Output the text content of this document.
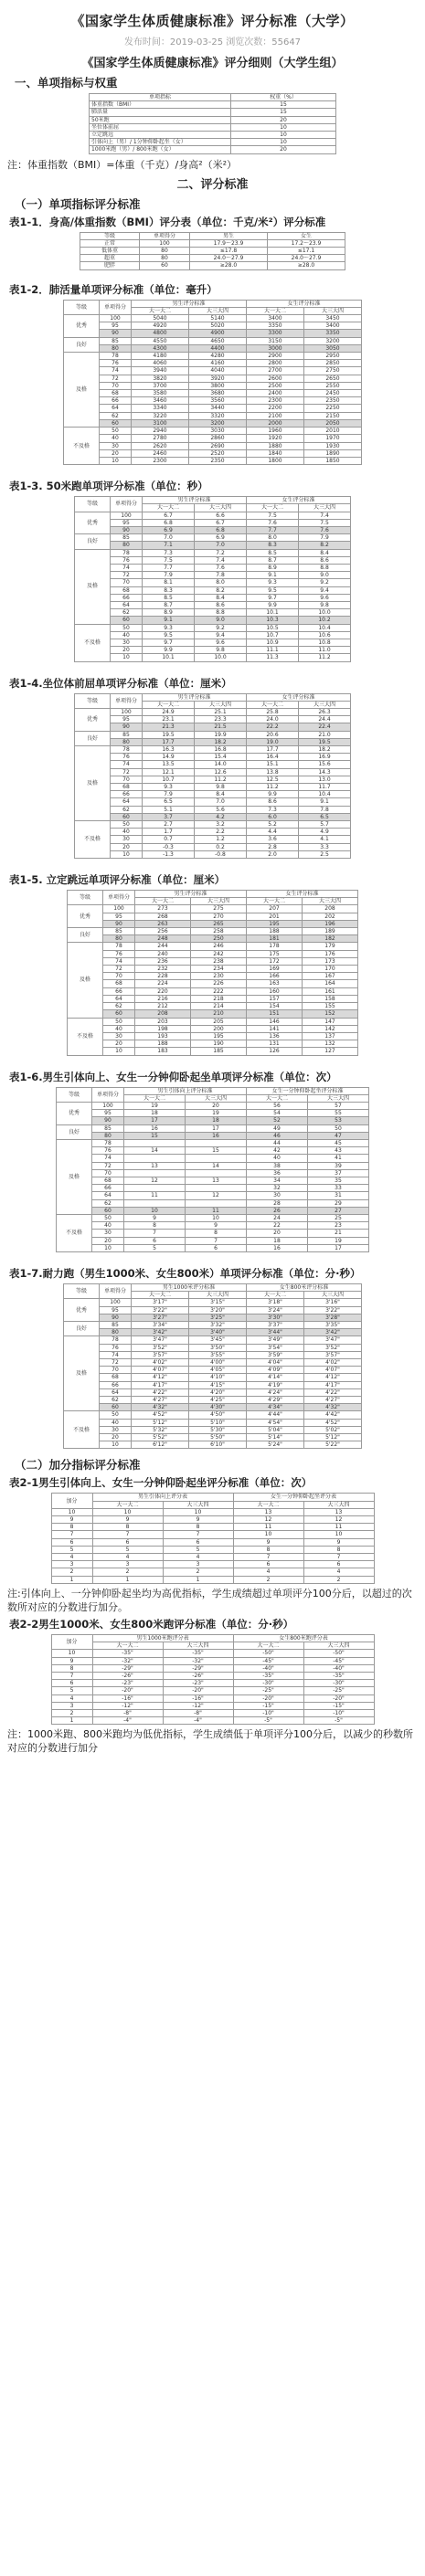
《国家学生体质健康标准》评分标准（大学）
发布时间：2019-03-25 浏览次数：55647
《国家学生体质健康标准》评分细则（大学生组）
一、单项指标与权重
单项指标	权重（%）
体重指数（BMI）	15
肺活量	15
50米跑	20
坐位体前屈	10
立定跳远	10
引体向上（男）/ 1分钟仰卧起坐（女）	10
1000米跑（男）/ 800米跑（女）	20
注：体重指数（BMI）=体重（千克）/身高²（米²）
二、评分标准
（一）单项指标评分标准
表1-1．身高/体重指数（BMI）评分表（单位：千克/米²）评分标准
等级	单项得分	男生	女生
正常	100	17.9～23.9	17.2～23.9
低体重	80	≤17.8	≤17.1
超重	80	24.0～27.9	24.0～27.9
肥胖	60	≥28.0	≥28.0
表1-2．肺活量单项评分标准（单位：毫升）
等级	单项得分	男生评分标准		女生评分标准	
		大一大二	大三大四	大一大二	大三大四
优秀	100	5040	5140	3400	3450
	95	4920	5020	3350	3400
	90	4800	4900	3300	3350
良好	85	4550	4650	3150	3200
	80	4300	4400	3000	3050
及格	78	4180	4280	2900	2950
	76	4060	4160	2800	2850
	74	3940	4040	2700	2750
	72	3820	3920	2600	2650
	70	3700	3800	2500	2550
	68	3580	3680	2400	2450
	66	3460	3560	2300	2350
	64	3340	3440	2200	2250
	62	3220	3320	2100	2150
	60	3100	3200	2000	2050
不及格	50	2940	3030	1960	2010
	40	2780	2860	1920	1970
	30	2620	2690	1880	1930
	20	2460	2520	1840	1890
	10	2300	2350	1800	1850
表1-3. 50米跑单项评分标准（单位：秒）
等级	单项得分	男生评分标准		女生评分标准	
		大一大二	大三大四	大一大二	大三大四
优秀	100	6.7	6.6	7.5	7.4
	95	6.8	6.7	7.6	7.5
	90	6.9	6.8	7.7	7.6
良好	85	7.0	6.9	8.0	7.9
	80	7.1	7.0	8.3	8.2
及格	78	7.3	7.2	8.5	8.4
	76	7.5	7.4	8.7	8.6
	74	7.7	7.6	8.9	8.8
	72	7.9	7.8	9.1	9.0
	70	8.1	8.0	9.3	9.2
	68	8.3	8.2	9.5	9.4
	66	8.5	8.4	9.7	9.6
	64	8.7	8.6	9.9	9.8
	62	8.9	8.8	10.1	10.0
	60	9.1	9.0	10.3	10.2
不及格	50	9.3	9.2	10.5	10.4
	40	9.5	9.4	10.7	10.6
	30	9.7	9.6	10.9	10.8
	20	9.9	9.8	11.1	11.0
	10	10.1	10.0	11.3	11.2
表1-4.坐位体前屈单项评分标准（单位：厘米）
等级	单项得分	男生评分标准		女生评分标准	
		大一大二	大三大四	大一大二	大三大四
优秀	100	24.9	25.1	25.8	26.3
	95	23.1	23.3	24.0	24.4
	90	21.3	21.5	22.2	22.4
良好	85	19.5	19.9	20.6	21.0
	80	17.7	18.2	19.0	19.5
及格	78	16.3	16.8	17.7	18.2
	76	14.9	15.4	16.4	16.9
	74	13.5	14.0	15.1	15.6
	72	12.1	12.6	13.8	14.3
	70	10.7	11.2	12.5	13.0
	68	9.3	9.8	11.2	11.7
	66	7.9	8.4	9.9	10.4
	64	6.5	7.0	8.6	9.1
	62	5.1	5.6	7.3	7.8
	60	3.7	4.2	6.0	6.5
不及格	50	2.7	3.2	5.2	5.7
	40	1.7	2.2	4.4	4.9
	30	0.7	1.2	3.6	4.1
	20	-0.3	0.2	2.8	3.3
	10	-1.3	-0.8	2.0	2.5
表1-5. 立定跳远单项评分标准（单位：厘米）
等级	单项得分	男生评分标准		女生评分标准	
		大一大二	大三大四	大一大二	大三大四
优秀	100	273	275	207	208
	95	268	270	201	202
	90	263	265	195	196
良好	85	256	258	188	189
	80	248	250	181	182
及格	78	244	246	178	179
	76	240	242	175	176
	74	236	238	172	173
	72	232	234	169	170
	70	228	230	166	167
	68	224	226	163	164
	66	220	222	160	161
	64	216	218	157	158
	62	212	214	154	155
	60	208	210	151	152
不及格	50	203	205	146	147
	40	198	200	141	142
	30	193	195	136	137
	20	188	190	131	132
	10	183	185	126	127
表1-6.男生引体向上、女生一分钟仰卧起坐单项评分标准（单位：次）
等级	单项得分	男生引体向上评分标准		女生一分钟仰卧起坐评分标准	
		大一大二	大三大四	大一大二	大三大四
优秀	100	19	20	56	57
	95	18	19	54	55
	90	17	18	52	53
良好	85	16	17	49	50
	80	15	16	46	47
及格	78			44	45
	76	14	15	42	43
	74			40	41
	72	13	14	38	39
	70			36	37
	68	12	13	34	35
	66			32	33
	64	11	12	30	31
	62			28	29
	60	10	11	26	27
不及格	50	9	10	24	25
	40	8	9	22	23
	30	7	8	20	21
	20	6	7	18	19
	10	5	6	16	17
表1-7.耐力跑（男生1000米、女生800米）单项评分标准（单位：分·秒）
等级	单项得分	男生1000米评分标准		女生800米评分标准	
		大一大二	大三大四	大一大二	大三大四
优秀	100	3'17"	3'15"	3'18"	3'16"
	95	3'22"	3'20"	3'24"	3'22"
	90	3'27"	3'25"	3'30"	3'28"
良好	85	3'34"	3'32"	3'37"	3'35"
	80	3'42"	3'40"	3'44"	3'42"
及格	78	3'47"	3'45"	3'49"	3'47"
	76	3'52"	3'50"	3'54"	3'52"
	74	3'57"	3'55"	3'59"	3'57"
	72	4'02"	4'00"	4'04"	4'02"
	70	4'07"	4'05"	4'09"	4'07"
	68	4'12"	4'10"	4'14"	4'12"
	66	4'17"	4'15"	4'19"	4'17"
	64	4'22"	4'20"	4'24"	4'22"
	62	4'27"	4'25"	4'29"	4'27"
	60	4'32"	4'30"	4'34"	4'32"
不及格	50	4'52"	4'50"	4'44"	4'42"
	40	5'12"	5'10"	4'54"	4'52"
	30	5'32"	5'30"	5'04"	5'02"
	20	5'52"	5'50"	5'14"	5'12"
	10	6'12"	6'10"	5'24"	5'22"
（二）加分指标评分标准
表2-1男生引体向上、女生一分钟仰卧起坐评分标准（单位：次）
加分	男生引体向上评分表		女生一分钟仰卧起坐评分表	
	大一大二	大三大四	大一大二	大三大四
10	10	10	13	13
9	9	9	12	12
8	8	8	11	11
7	7	7	10	10
6	6	6	9	9
5	5	5	8	8
4	4	4	7	7
3	3	3	6	6
2	2	2	4	4
1	1	1	2	2
注:引体向上、一分钟仰卧起坐均为高优指标，学生成绩超过单项评分100分后，以超过的次数所对应的分数进行加分。
表2-2男生1000米、女生800米跑评分标准（单位：分·秒）
加分	男生1000米跑评分表		女生800米跑评分表	
	大一大二	大三大四	大一大二	大三大四
10	-35"	-35"	-50"	-50"
9	-32"	-32"	-45"	-45"
8	-29"	-29"	-40"	-40"
7	-26"	-26"	-35"	-35"
6	-23"	-23"	-30"	-30"
5	-20"	-20"	-25"	-25"
4	-16"	-16"	-20"	-20"
3	-12"	-12"	-15"	-15"
2	-8"	-8"	-10"	-10"
1	-4"	-4"	-5"	-5"
注：1000米跑、800米跑均为低优指标，学生成绩低于单项评分100分后，以减少的秒数所对应的分数进行加分
